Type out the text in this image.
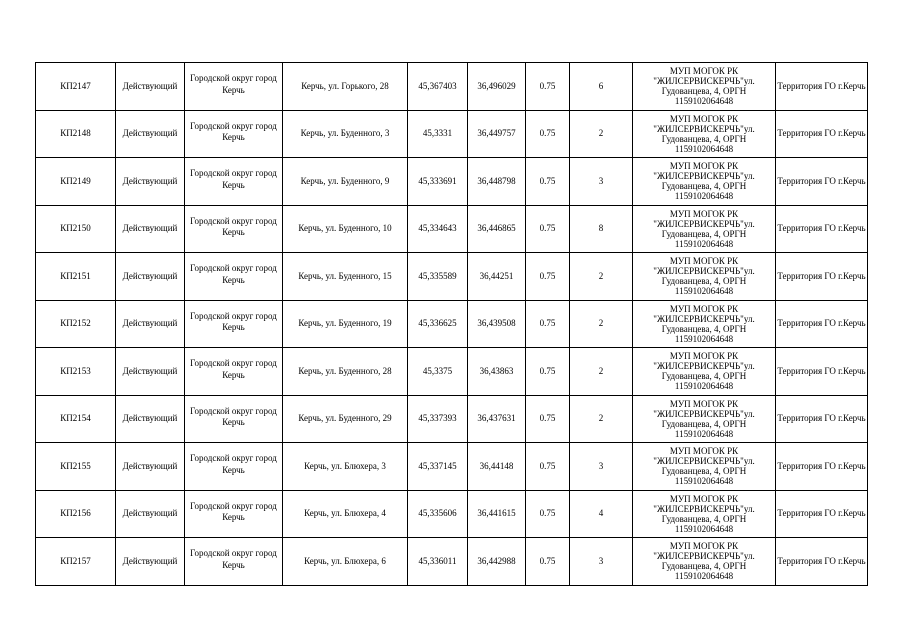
КП2147	Действующий	Городской округ город Керчь	Керчь, ул. Горького, 28	45,367403	36,496029	0.75	6	МУП МОГОК РК "ЖИЛСЕРВИСКЕРЧЬ"ул. Гудованцева, 4, ОРГН 115910206464​8	Территория ГО г.Керчь
КП2148	Действующий	Городской округ город Керчь	Керчь, ул. Буденного, 3	45,3331	36,449757	0.75	2	МУП МОГОК РК "ЖИЛСЕРВИСКЕРЧЬ"ул. Гудованцева, 4, ОРГН 1159102064648	Территория ГО г.Керчь
КП2149	Действующий	Городской округ город Керчь	Керчь, ул. Буденного, 9	45,333691	36,448798	0.75	3	МУП МОГОК РК "ЖИЛСЕРВИСКЕРЧЬ"ул. Гудованцева, 4, ОРГН 1159102064648	Территория ГО г.Керчь
КП2150	Действующий	Городской округ город Керчь	Керчь, ул. Буденного, 10	45,334643	36,446865	0.75	8	МУП МОГОК РК "ЖИЛСЕРВИСКЕРЧЬ"ул. Гудованцева, 4, ОРГН 1159102064648	Территория ГО г.Керчь
КП2151	Действующий	Городской округ город Керчь	Керчь, ул. Буденного, 15	45,335589	36,44251	0.75	2	МУП МОГОК РК "ЖИЛСЕРВИСКЕРЧЬ"ул. Гудованцева, 4, ОРГН 1159102064648	Территория ГО г.Керчь
КП2152	Действующий	Городской округ город Керчь	Керчь, ул. Буденного, 19	45,336625	36,439508	0.75	2	МУП МОГОК РК "ЖИЛСЕРВИСКЕРЧЬ"ул. Гудованцева, 4, ОРГН 1159102064648	Территория ГО г.Керчь
КП2153	Действующий	Городской округ город Керчь	Керчь, ул. Буденного, 28	45,3375	36,43863	0.75	2	МУП МОГОК РК "ЖИЛСЕРВИСКЕРЧЬ"ул. Гудованцева, 4, ОРГН 1159102064648	Территория ГО г.Керчь
КП2154	Действующий	Городской округ город Керчь	Керчь, ул. Буденного, 29	45,337393	36,437631	0.75	2	МУП МОГОК РК "ЖИЛСЕРВИСКЕРЧЬ"ул. Гудованцева, 4, ОРГН 1159102064648	Территория ГО г.Керчь
КП2155	Действующий	Городской округ город Керчь	Керчь, ул. Блюхера, 3	45,337145	36,44148	0.75	3	МУП МОГОК РК "ЖИЛСЕРВИСКЕРЧЬ"ул. Гудованцева, 4, ОРГН 1159102064648	Территория ГО г.Керчь
КП2156	Действующий	Городской округ город Керчь	Керчь, ул. Блюхера, 4	45,335606	36,441615	0.75	4	МУП МОГОК РК "ЖИЛСЕРВИСКЕРЧЬ"ул. Гудованцева, 4, ОРГН 1159102064648	Территория ГО г.Керчь
КП2157	Действующий	Городской округ город Керчь	Керчь, ул. Блюхера, 6	45,336011	36,442988	0.75	3	МУП МОГОК РК "ЖИЛСЕРВИСКЕРЧЬ"ул. Гудованцева, 4, ОРГН 1159102064648	Территория ГО г.Керчь
